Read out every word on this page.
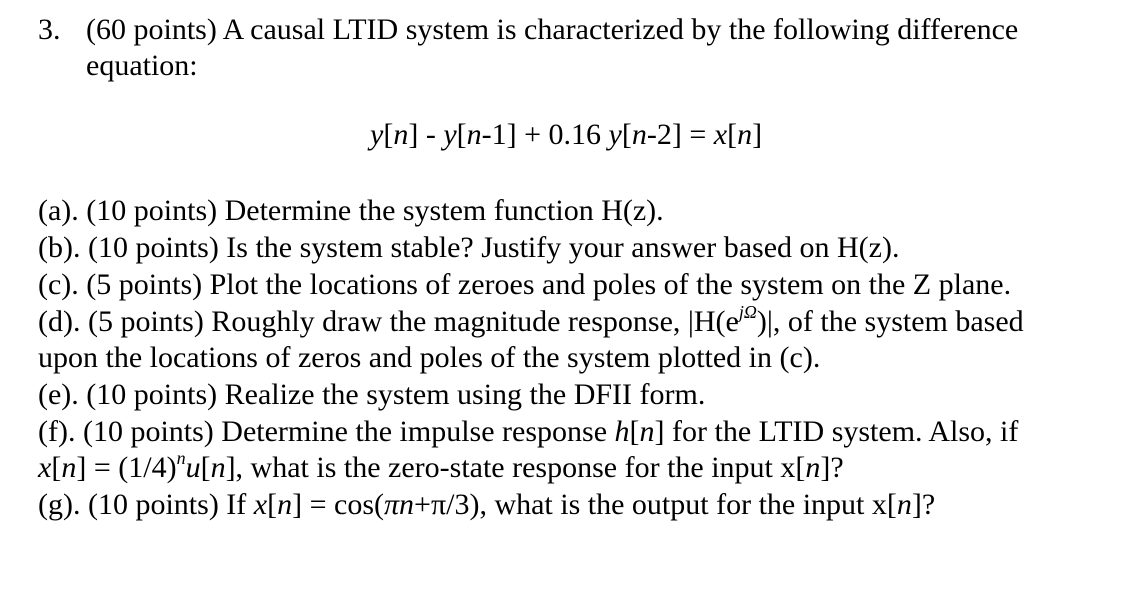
3. (60 points) A causal LTID system is characterized by the following difference
equation:
y[n] - y[n-1] + 0.16 y[n-2] = x[n]
(a). (10 points) Determine the system function H(z).
(b). (10 points) Is the system stable? Justify your answer based on H(z).
(c). (5 points) Plot the locations of zeroes and poles of the system on the Z plane.
(d). (5 points) Roughly draw the magnitude response, $|H(e^{j\Omega})|$, of the system based
upon the locations of zeros and poles of the system plotted in (c).
(e). (10 points) Realize the system using the DFII form.
(f). (10 points) Determine the impulse response h[n] for the LTID system. Also, if
$x[n] = (1/4)^nu[n]$, what is the zero-state response for the input x[n]?
(g). (10 points) If x[n] = cos(πn+π/3), what is the output for the input x[n]?
